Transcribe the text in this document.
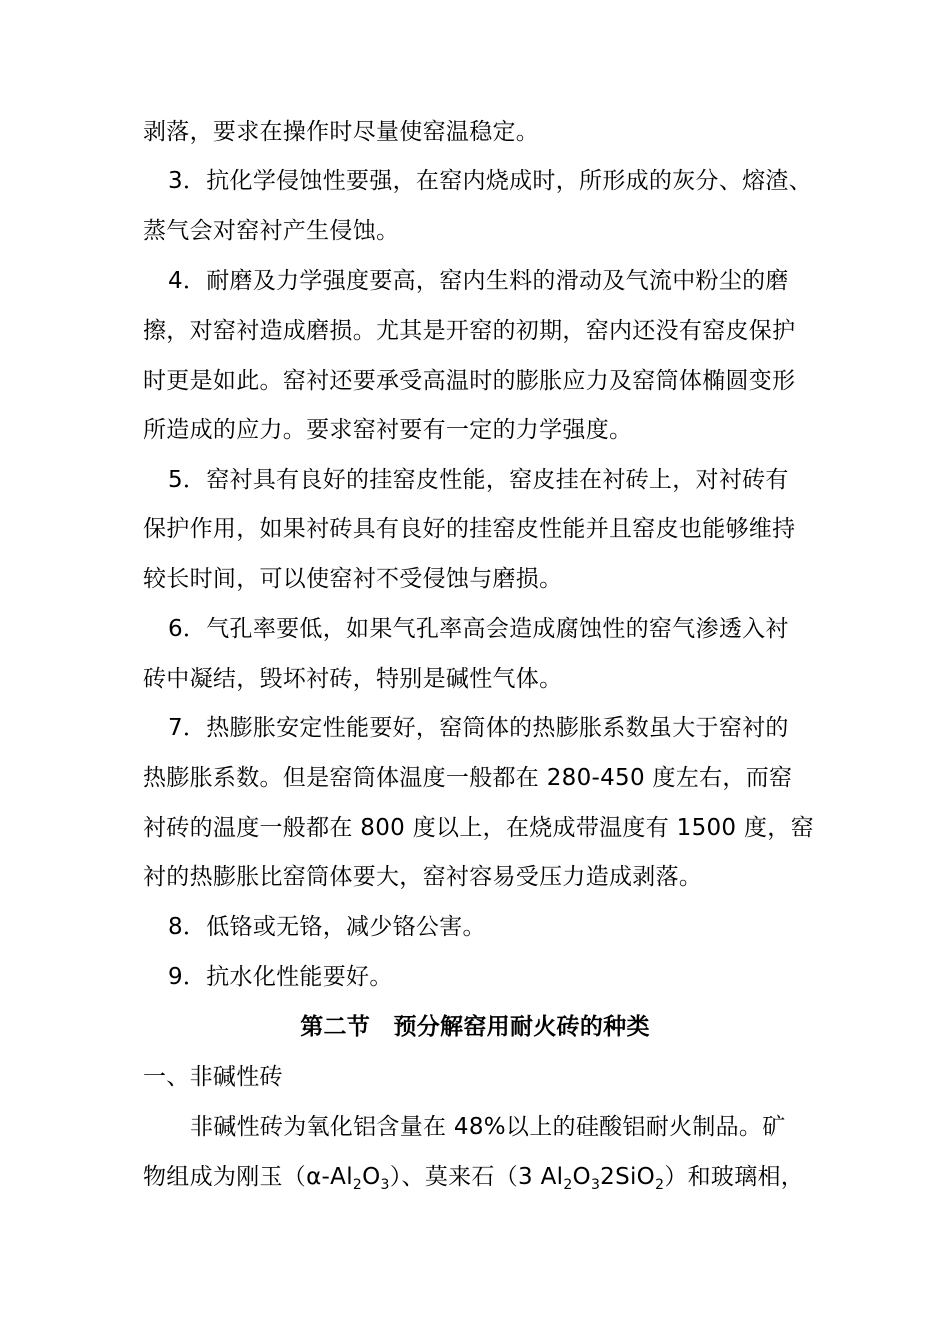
剥落，要求在操作时尽量使窑温稳定。
3．抗化学侵蚀性要强，在窑内烧成时，所形成的灰分、熔渣、
蒸气会对窑衬产生侵蚀。
4．耐磨及力学强度要高，窑内生料的滑动及气流中粉尘的磨
擦，对窑衬造成磨损。尤其是开窑的初期，窑内还没有窑皮保护
时更是如此。窑衬还要承受高温时的膨胀应力及窑筒体椭圆变形
所造成的应力。要求窑衬要有一定的力学强度。
5．窑衬具有良好的挂窑皮性能，窑皮挂在衬砖上，对衬砖有
保护作用，如果衬砖具有良好的挂窑皮性能并且窑皮也能够维持
较长时间，可以使窑衬不受侵蚀与磨损。
6．气孔率要低，如果气孔率高会造成腐蚀性的窑气渗透入衬
砖中凝结，毁坏衬砖，特别是碱性气体。
7．热膨胀安定性能要好，窑筒体的热膨胀系数虽大于窑衬的
热膨胀系数。但是窑筒体温度一般都在 280-450 度左右，而窑
衬砖的温度一般都在 800 度以上，在烧成带温度有 1500 度，窑
衬的热膨胀比窑筒体要大，窑衬容易受压力造成剥落。
8．低铬或无铬，减少铬公害。
9．抗水化性能要好。
第二节　预分解窑用耐火砖的种类
一、非碱性砖
非碱性砖为氧化铝含量在 48%以上的硅酸铝耐火制品。矿
物组成为刚玉$(\alpha-Al_2O_3)$、莫来石（3 $Al_2O_32SiO_2$）和玻璃相，
